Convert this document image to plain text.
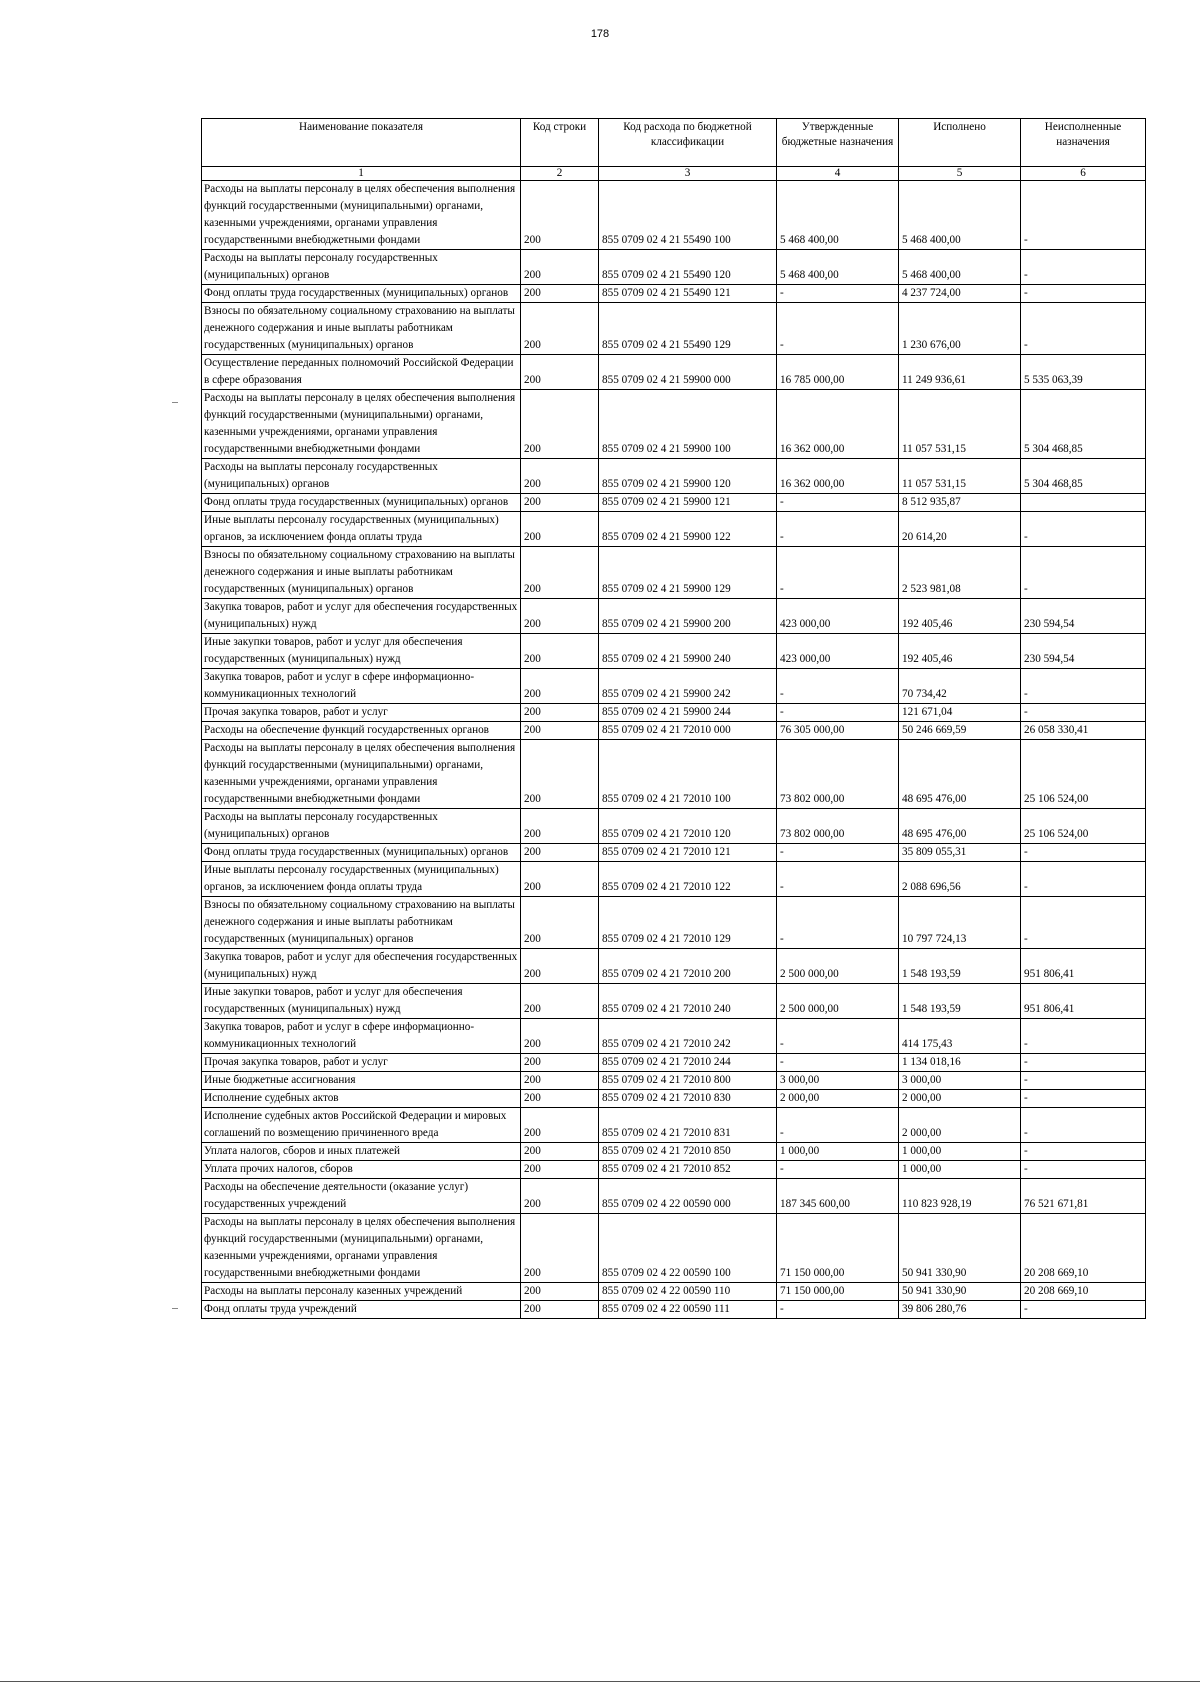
178
Наименование показателя	Код строки	Код расхода по бюджетной классификации	Утвержденные бюджетные назначения	Исполнено	Неисполненные назначения
1	2	3	4	5	6
Расходы на выплаты персоналу в целях обеспечения выполнения функций государственными (муниципальными) органами, казенными учреждениями, органами управления государственными внебюджетными фондами	200	855 0709 02 4 21 55490 100	5 468 400,00	5 468 400,00	-
Расходы на выплаты персоналу государственных (муниципальных) органов	200	855 0709 02 4 21 55490 120	5 468 400,00	5 468 400,00	-
Фонд оплаты труда государственных (муниципальных) органов	200	855 0709 02 4 21 55490 121	-	4 237 724,00	-
Взносы по обязательному социальному страхованию на выплаты денежного содержания и иные выплаты работникам государственных (муниципальных) органов	200	855 0709 02 4 21 55490 129	-	1 230 676,00	-
Осуществление переданных полномочий Российской Федерации в сфере образования	200	855 0709 02 4 21 59900 000	16 785 000,00	11 249 936,61	5 535 063,39
Расходы на выплаты персоналу в целях обеспечения выполнения функций государственными (муниципальными) органами, казенными учреждениями, органами управления государственными внебюджетными фондами	200	855 0709 02 4 21 59900 100	16 362 000,00	11 057 531,15	5 304 468,85
Расходы на выплаты персоналу государственных (муниципальных) органов	200	855 0709 02 4 21 59900 120	16 362 000,00	11 057 531,15	5 304 468,85
Фонд оплаты труда государственных (муниципальных) органов	200	855 0709 02 4 21 59900 121	-	8 512 935,87	
Иные выплаты персоналу государственных (муниципальных) органов, за исключением фонда оплаты труда	200	855 0709 02 4 21 59900 122	-	20 614,20	-
Взносы по обязательному социальному страхованию на выплаты денежного содержания и иные выплаты работникам государственных (муниципальных) органов	200	855 0709 02 4 21 59900 129	-	2 523 981,08	-
Закупка товаров, работ и услуг для обеспечения государственных (муниципальных) нужд	200	855 0709 02 4 21 59900 200	423 000,00	192 405,46	230 594,54
Иные закупки товаров, работ и услуг для обеспечения государственных (муниципальных) нужд	200	855 0709 02 4 21 59900 240	423 000,00	192 405,46	230 594,54
Закупка товаров, работ и услуг в сфере информационно-коммуникационных технологий	200	855 0709 02 4 21 59900 242	-	70 734,42	-
Прочая закупка товаров, работ и услуг	200	855 0709 02 4 21 59900 244	-	121 671,04	-
Расходы на обеспечение функций государственных органов	200	855 0709 02 4 21 72010 000	76 305 000,00	50 246 669,59	26 058 330,41
Расходы на выплаты персоналу в целях обеспечения выполнения функций государственными (муниципальными) органами, казенными учреждениями, органами управления государственными внебюджетными фондами	200	855 0709 02 4 21 72010 100	73 802 000,00	48 695 476,00	25 106 524,00
Расходы на выплаты персоналу государственных (муниципальных) органов	200	855 0709 02 4 21 72010 120	73 802 000,00	48 695 476,00	25 106 524,00
Фонд оплаты труда государственных (муниципальных) органов	200	855 0709 02 4 21 72010 121	-	35 809 055,31	-
Иные выплаты персоналу государственных (муниципальных) органов, за исключением фонда оплаты труда	200	855 0709 02 4 21 72010 122	-	2 088 696,56	-
Взносы по обязательному социальному страхованию на выплаты денежного содержания и иные выплаты работникам государственных (муниципальных) органов	200	855 0709 02 4 21 72010 129	-	10 797 724,13	-
Закупка товаров, работ и услуг для обеспечения государственных (муниципальных) нужд	200	855 0709 02 4 21 72010 200	2 500 000,00	1 548 193,59	951 806,41
Иные закупки товаров, работ и услуг для обеспечения государственных (муниципальных) нужд	200	855 0709 02 4 21 72010 240	2 500 000,00	1 548 193,59	951 806,41
Закупка товаров, работ и услуг в сфере информационно-коммуникационных технологий	200	855 0709 02 4 21 72010 242	-	414 175,43	-
Прочая закупка товаров, работ и услуг	200	855 0709 02 4 21 72010 244	-	1 134 018,16	-
Иные бюджетные ассигнования	200	855 0709 02 4 21 72010 800	3 000,00	3 000,00	-
Исполнение судебных актов	200	855 0709 02 4 21 72010 830	2 000,00	2 000,00	-
Исполнение судебных актов Российской Федерации и мировых соглашений по возмещению причиненного вреда	200	855 0709 02 4 21 72010 831	-	2 000,00	-
Уплата налогов, сборов и иных платежей	200	855 0709 02 4 21 72010 850	1 000,00	1 000,00	-
Уплата прочих налогов, сборов	200	855 0709 02 4 21 72010 852	-	1 000,00	-
Расходы на обеспечение деятельности (оказание услуг) государственных учреждений	200	855 0709 02 4 22 00590 000	187 345 600,00	110 823 928,19	76 521 671,81
Расходы на выплаты персоналу в целях обеспечения выполнения функций государственными (муниципальными) органами, казенными учреждениями, органами управления государственными внебюджетными фондами	200	855 0709 02 4 22 00590 100	71 150 000,00	50 941 330,90	20 208 669,10
Расходы на выплаты персоналу казенных учреждений	200	855 0709 02 4 22 00590 110	71 150 000,00	50 941 330,90	20 208 669,10
Фонд оплаты труда учреждений	200	855 0709 02 4 22 00590 111	-	39 806 280,76	-
